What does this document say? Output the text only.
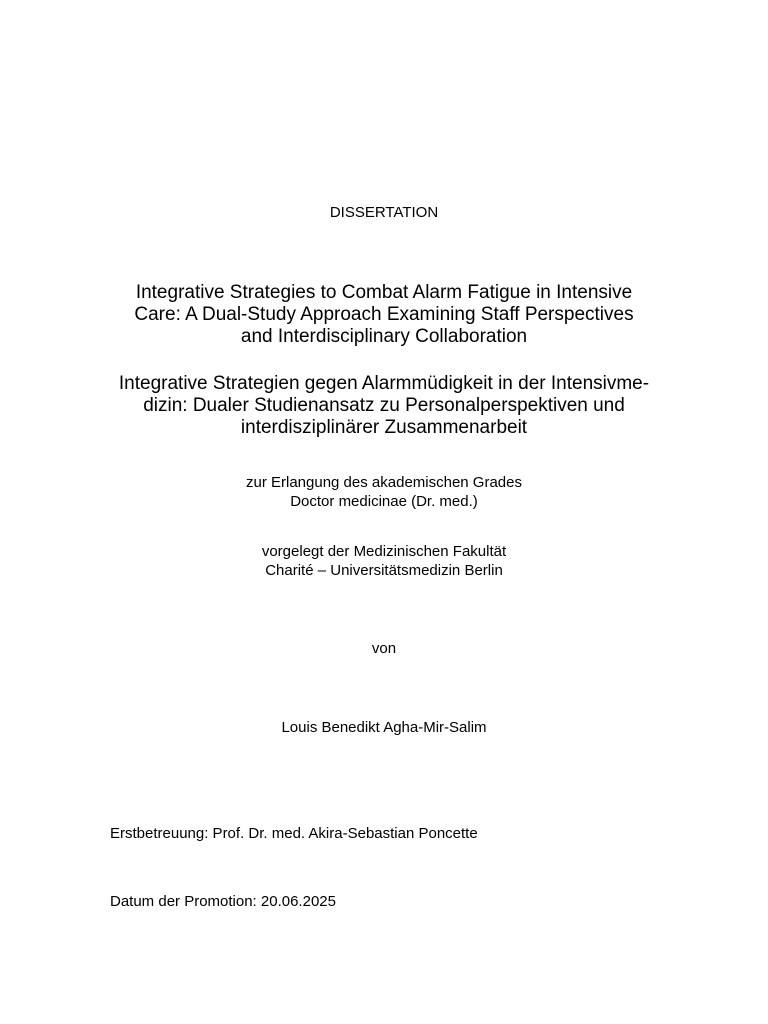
DISSERTATION
Integrative Strategies to Combat Alarm Fatigue in Intensive
Care: A Dual-Study Approach Examining Staff Perspectives
and Interdisciplinary Collaboration
Integrative Strategien gegen Alarmmüdigkeit in der Intensivme-
dizin: Dualer Studienansatz zu Personalperspektiven und
interdisziplinärer Zusammenarbeit
zur Erlangung des akademischen Grades
Doctor medicinae (Dr. med.)
vorgelegt der Medizinischen Fakultät
Charité – Universitätsmedizin Berlin
von
Louis Benedikt Agha-Mir-Salim
Erstbetreuung: Prof. Dr. med. Akira-Sebastian Poncette
Datum der Promotion: 20.06.2025
